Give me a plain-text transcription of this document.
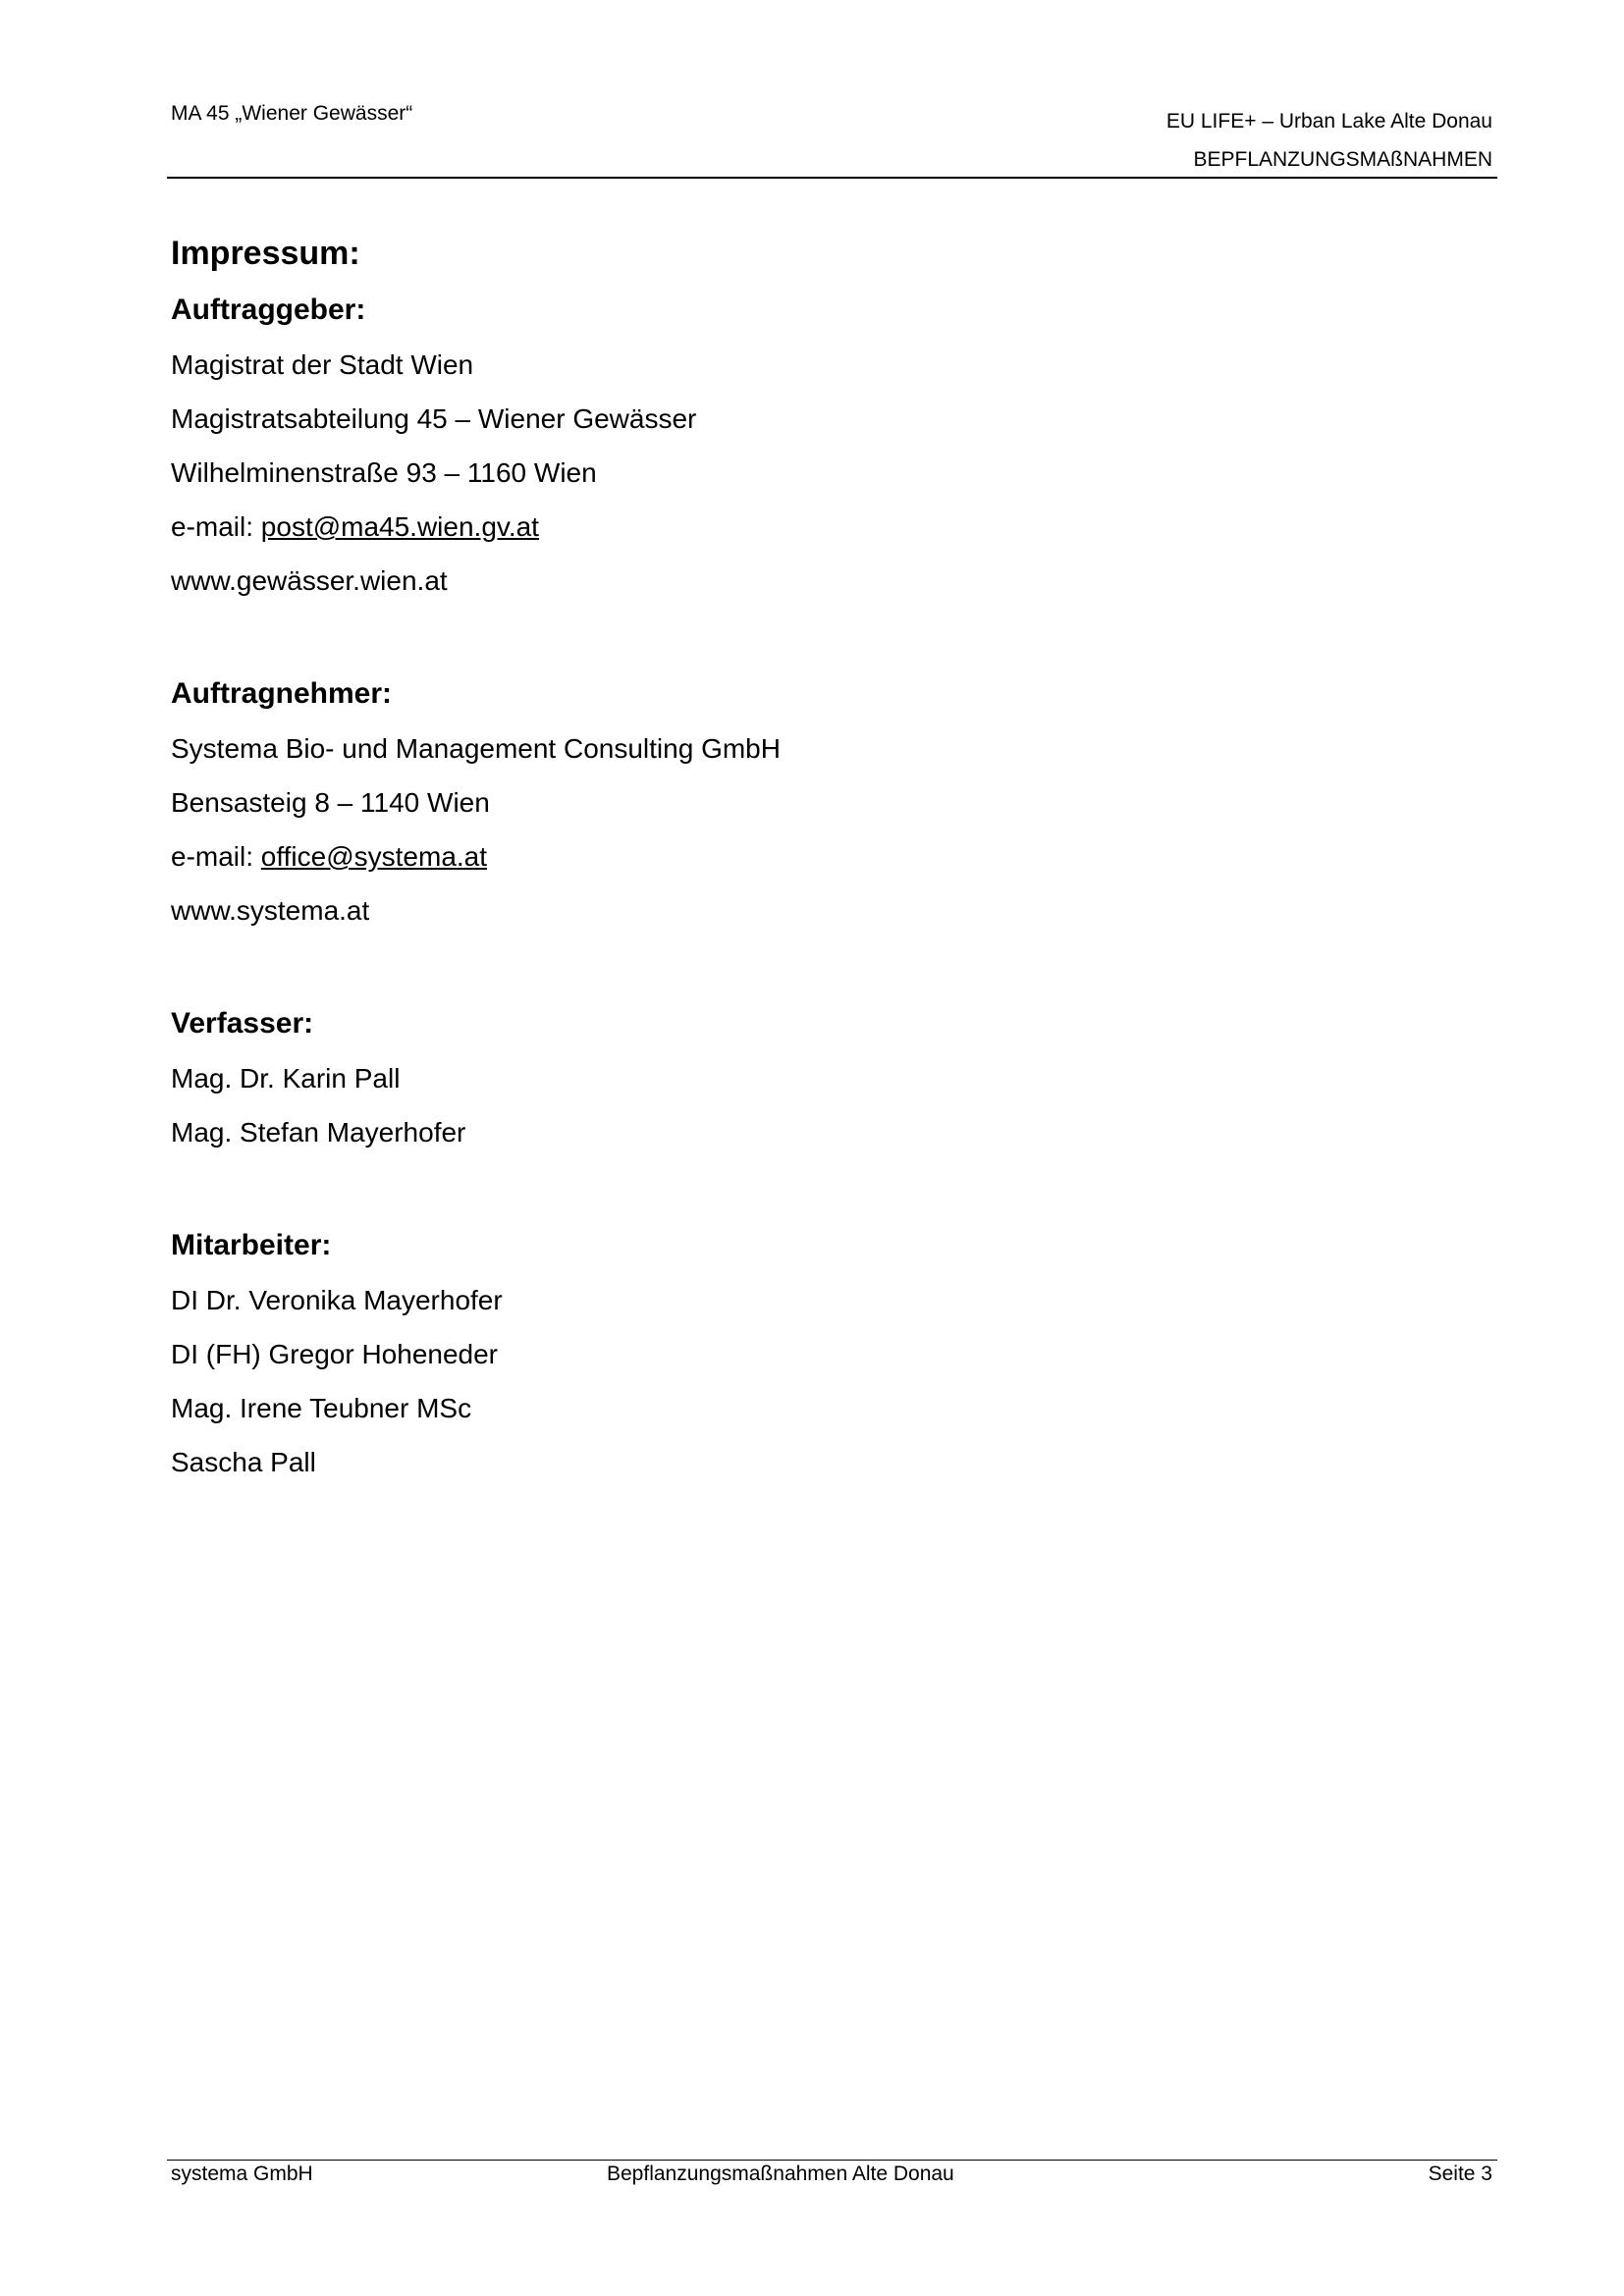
MA 45 „Wiener Gewässer“	EU LIFE+ – Urban Lake Alte Donau
BEPFLANZUNGSMAßNAHMEN
Impressum:
Auftraggeber:
Magistrat der Stadt Wien
Magistratsabteilung 45 – Wiener Gewässer
Wilhelminenstraße 93 – 1160 Wien
e-mail: post@ma45.wien.gv.at
www.gewässer.wien.at
Auftragnehmer:
Systema Bio- und Management Consulting GmbH
Bensasteig 8 – 1140 Wien
e-mail: office@systema.at
www.systema.at
Verfasser:
Mag. Dr. Karin Pall
Mag. Stefan Mayerhofer
Mitarbeiter:
DI Dr. Veronika Mayerhofer
DI (FH) Gregor Hoheneder
Mag. Irene Teubner MSc
Sascha Pall
systema GmbH	Bepflanzungsmaßnahmen Alte Donau	Seite 3
